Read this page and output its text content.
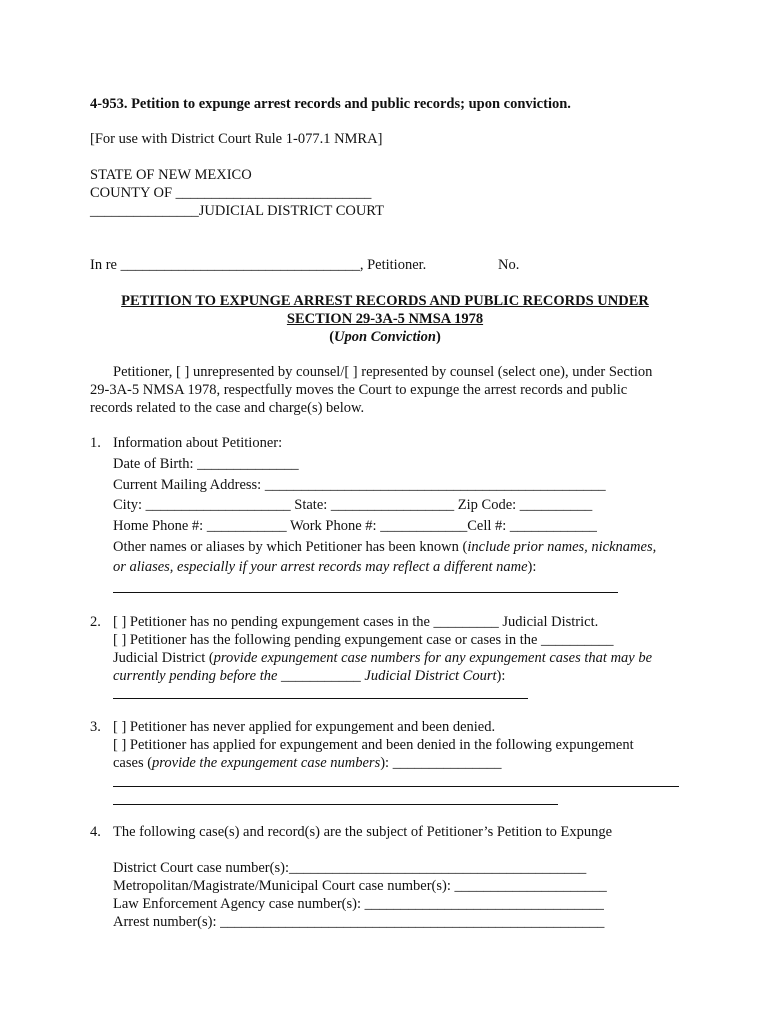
4-953. Petition to expunge arrest records and public records; upon conviction.
[For use with District Court Rule 1-077.1 NMRA]
STATE OF NEW MEXICO
COUNTY OF ___________________________
_______________JUDICIAL DISTRICT COURT
In re _________________________________, Petitioner.	No.
PETITION TO EXPUNGE ARREST RECORDS AND PUBLIC RECORDS UNDER
SECTION 29-3A-5 NMSA 1978
(Upon Conviction)
Petitioner, [ ] unrepresented by counsel/[ ] represented by counsel (select one), under Section
29-3A-5 NMSA 1978, respectfully moves the Court to expunge the arrest records and public
records related to the case and charge(s) below.
1. Information about Petitioner:
Date of Birth: ______________
Current Mailing Address: _______________________________________________
City: ____________________ State: _________________ Zip Code: __________
Home Phone #: ___________ Work Phone #: ____________Cell #: ____________
Other names or aliases by which Petitioner has been known (include prior names, nicknames,
or aliases, especially if your arrest records may reflect a different name):
2. [ ] Petitioner has no pending expungement cases in the _________ Judicial District.
[ ] Petitioner has the following pending expungement case or cases in the __________
Judicial District (provide expungement case numbers for any expungement cases that may be
currently pending before the ___________ Judicial District Court):
3. [ ] Petitioner has never applied for expungement and been denied.
[ ] Petitioner has applied for expungement and been denied in the following expungement
cases (provide the expungement case numbers): _______________
4. The following case(s) and record(s) are the subject of Petitioner’s Petition to Expunge
District Court case number(s):_________________________________________
Metropolitan/Magistrate/Municipal Court case number(s): _____________________
Law Enforcement Agency case number(s): _________________________________
Arrest number(s): _____________________________________________________
